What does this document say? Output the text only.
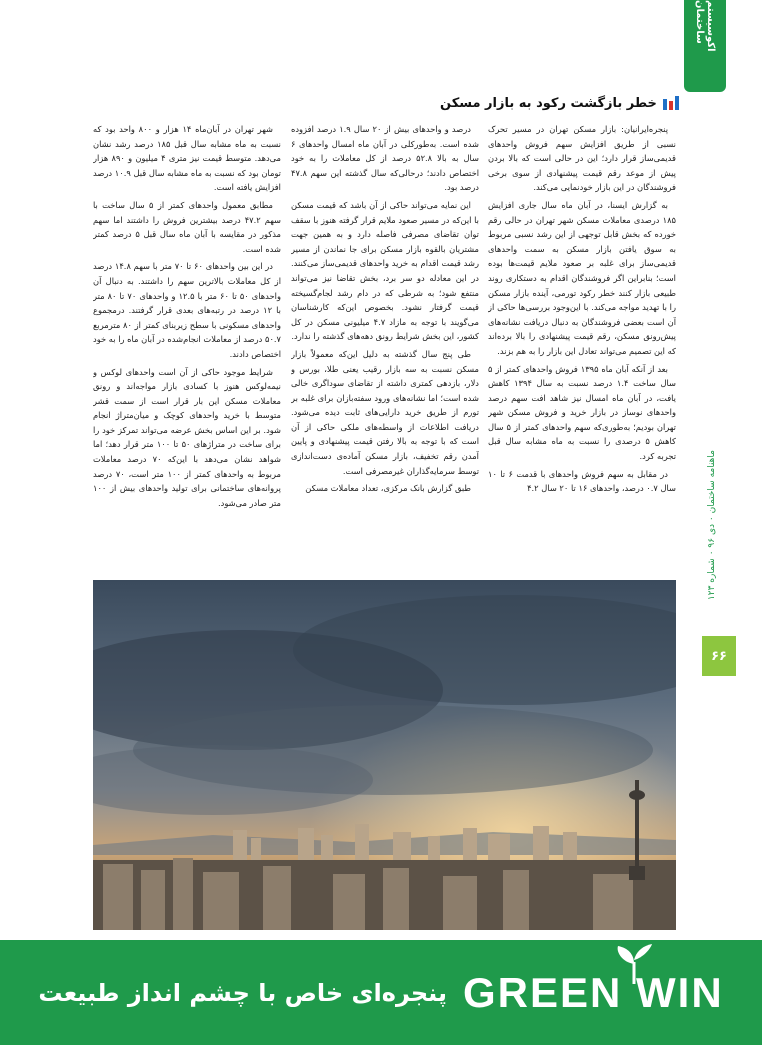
اکوسیستم ساختمان
ماهنامه ساختمان ۰ دی ۹۶ ۰ شماره ۱۲۳
۶۶
خطر بازگشت رکود به بازار مسکن

پنجره‌ایرانیان: بازار مسکن تهران در مسیر تحرک نسبی از طریق افزایش سهم فروش واحدهای قدیمی‌ساز قرار دارد؛ این در حالی است که بالا بردن پیش از موعد رقم قیمت پیشنهادی از سوی برخی فروشندگان در این بازار خودنمایی می‌کند.

به گزارش ایسنا، در آبان ماه سال جاری افزایش ۱۸۵ درصدی معاملات مسکن شهر تهران در حالی رقم خورده که بخش قابل توجهی از این رشد نسبی مربوط به سوق یافتن بازار مسکن به سمت واحدهای قدیمی‌ساز برای غلبه بر صعود ملایم قیمت‌ها بوده است؛ بنابراین اگر فروشندگان اقدام به دستکاری روند طبیعی بازار کنند خطر رکود تورمی، آینده بازار مسکن را با تهدید مواجه می‌کند. با این‌وجود بررسی‌ها حاکی از آن است بعضی فروشندگان به دنبال دریافت نشانه‌های پیش‌رونق مسکن، رقم قیمت پیشنهادی را بالا برده‌اند که این تصمیم می‌تواند تعادل این بازار را به هم بزند.

بعد از آنکه آبان ماه ۱۳۹۵ فروش واحدهای کمتر از ۵ سال ساخت ۱.۴ درصد نسبت به سال ۱۳۹۴ کاهش یافت، در آبان ماه امسال نیز شاهد افت سهم درصد واحدهای نوساز در بازار خرید و فروش مسکن شهر تهران بودیم؛ به‌طوری‌که سهم واحدهای کمتر از ۵ سال کاهش ۵ درصدی را نسبت به ماه مشابه سال قبل تجربه کرد.

در مقابل به سهم فروش واحدهای با قدمت ۶ تا ۱۰ سال ۰.۷ درصد، واحدهای ۱۶ تا ۲۰ سال ۴.۲

درصد و واحدهای بیش از ۲۰ سال ۱.۹ درصد افزوده شده است. به‌طورکلی در آبان ماه امسال واحدهای ۶ سال به بالا ۵۲.۸ درصد از کل معاملات را به خود اختصاص دادند؛ درحالی‌که سال گذشته این سهم ۴۷.۸ درصد بود.

این نمایه می‌تواند حاکی از آن باشد که قیمت مسکن با این‌که در مسیر صعود ملایم قرار گرفته هنوز با سقف توان تقاضای مصرفی فاصله دارد و به همین جهت مشتریان بالقوه بازار مسکن برای جا نماندن از مسیر رشد قیمت اقدام به خرید واحدهای قدیمی‌ساز می‌کنند. در این معادله دو سر برد، بخش تقاضا نیز می‌تواند منتفع شود؛ به شرطی که در دام رشد لجام‌گسیخته قیمت گرفتار نشود. بخصوص این‌که کارشناسان می‌گویند با توجه به مازاد ۴.۷ میلیونی مسکن در کل کشور، این بخش شرایط رونق دهه‌های گذشته را ندارد.

طی پنج سال گذشته به دلیل این‌که معمولاً بازار مسکن نسبت به سه بازار رقیب یعنی طلا، بورس و دلار، بازدهی کمتری داشته از تقاضای سوداگری خالی شده است؛ اما نشانه‌های ورود سفته‌بازان برای غلبه بر تورم از طریق خرید دارایی‌های ثابت دیده می‌شود. دریافت اطلاعات از واسطه‌های ملکی حاکی از آن است که با توجه به بالا رفتن قیمت پیشنهادی و پایین آمدن رقم تخفیف، بازار مسکن آماده‌ی دست‌اندازی توسط سرمایه‌گذاران غیرمصرفی است.

طبق گزارش بانک مرکزی، تعداد معاملات مسکن

شهر تهران در آبان‌ماه ۱۴ هزار و ۸۰۰ واحد بود که نسبت به ماه مشابه سال قبل ۱۸۵ درصد رشد نشان می‌دهد. متوسط قیمت نیز متری ۴ میلیون و ۸۹۰ هزار تومان بود که نسبت به ماه مشابه سال قبل ۱۰.۹ درصد افزایش یافته است.

مطابق معمول واحدهای کمتر از ۵ سال ساخت با سهم ۴۷.۲ درصد بیشترین فروش را داشتند اما سهم مذکور در مقایسه با آبان ماه سال قبل ۵ درصد کمتر شده است.

در این بین واحدهای ۶۰ تا ۷۰ متر با سهم ۱۴.۸ درصد از کل معاملات بالاترین سهم را داشتند. به دنبال آن واحدهای ۵۰ تا ۶۰ متر با ۱۲.۵ و واحدهای ۷۰ تا ۸۰ متر با ۱۲ درصد در رتبه‌های بعدی قرار گرفتند. درمجموع واحدهای مسکونی با سطح زیربنای کمتر از ۸۰ مترمربع ۵۰.۷ درصد از معاملات انجام‌شده در آبان ماه را به خود اختصاص دادند.

شرایط موجود حاکی از آن است واحدهای لوکس و نیمه‌لوکس هنوز با کسادی بازار مواجه‌اند و رونق معاملات مسکن این بار قرار است از سمت قشر متوسط با خرید واحدهای کوچک و میان‌متراژ انجام شود. بر این اساس بخش عرضه می‌تواند تمرکز خود را برای ساخت در متراژهای ۵۰ تا ۱۰۰ متر قرار دهد؛ اما شواهد نشان می‌دهد با این‌که ۷۰ درصد معاملات مربوط به واحدهای کمتر از ۱۰۰ متر است، ۷۰ درصد پروانه‌های ساختمانی برای تولید واحدهای بیش از ۱۰۰ متر صادر می‌شود.

پنجره‌ای خاص با چشم انداز طبیعت GREEN WIN
